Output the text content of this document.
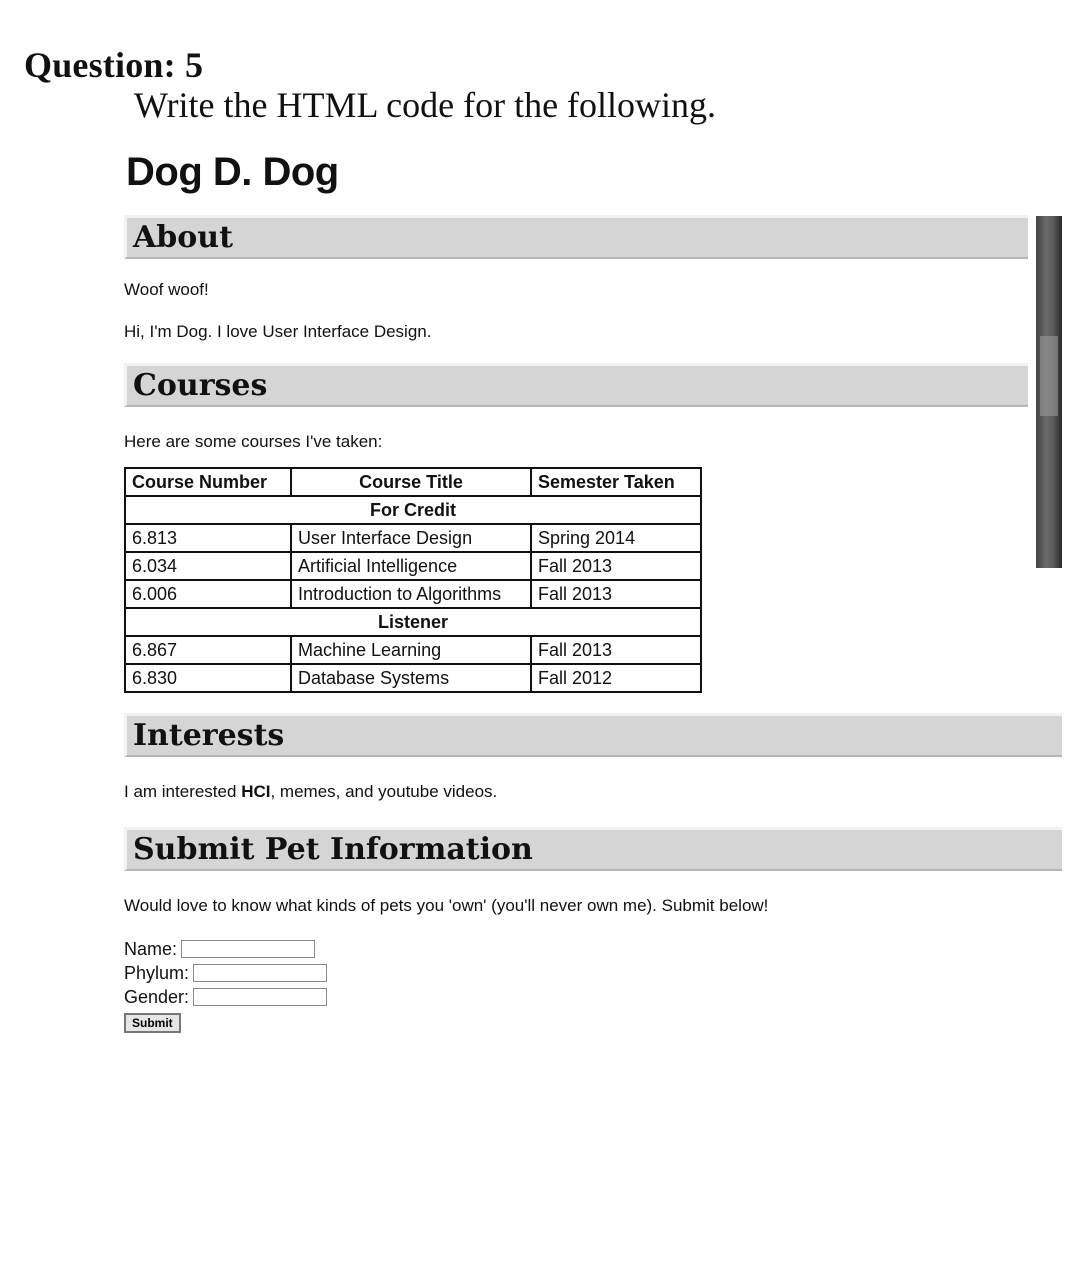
Question: 5
Write the HTML code for the following.
Dog D. Dog
About

Woof woof!

Hi, I'm Dog. I love User Interface Design.

Courses

Here are some courses I've taken:

Course Number	Course Title	Semester Taken
For Credit		
6.813	User Interface Design	Spring 2014
6.034	Artificial Intelligence	Fall 2013
6.006	Introduction to Algorithms	Fall 2013
Listener		
6.867	Machine Learning	Fall 2013
6.830	Database Systems	Fall 2012
Interests

I am interested HCI, memes, and youtube videos.

Submit Pet Information

Would love to know what kinds of pets you 'own' (you'll never own me). Submit below!

Name:
Phylum:
Gender:
Submit
